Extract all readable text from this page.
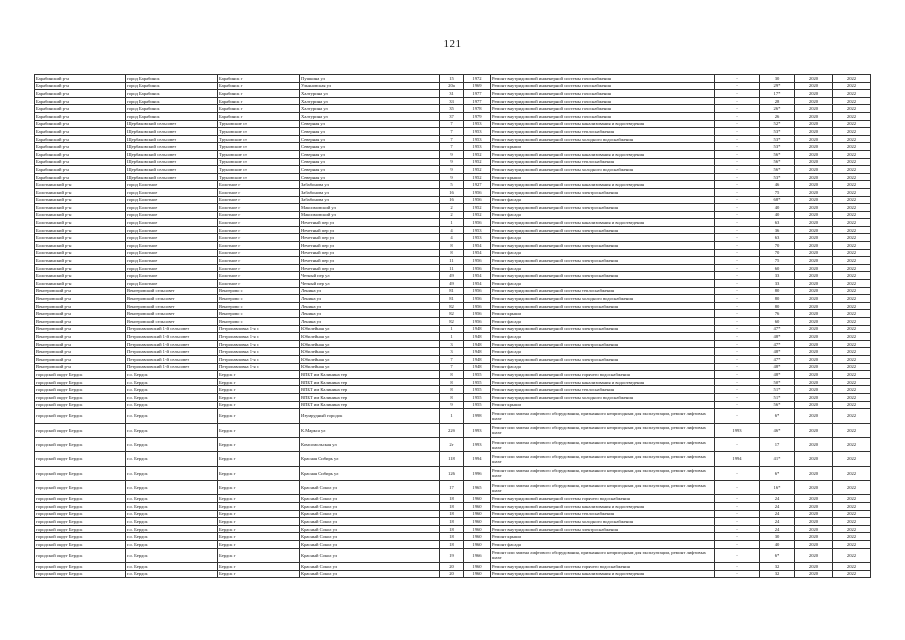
121
Барабинский р-н	город Барабинск	Барабинск г	Пушкина ул	15	1972	Ремонт внутридомовой инженерной системы газоснабжения	-	30	2020	2022
Барабинский р-н	город Барабинск	Барабинск г	Ульяновская ул	20а	1969	Ремонт внутридомовой инженерной системы газоснабжения	-	29*	2020	2022
Барабинский р-н	город Барабинск	Барабинск г	Халтурина ул	31	1977	Ремонт внутридомовой инженерной системы газоснабжения	-	17*	2020	2022
Барабинский р-н	город Барабинск	Барабинск г	Халтурина ул	33	1977	Ремонт внутридомовой инженерной системы газоснабжения	-	28	2020	2022
Барабинский р-н	город Барабинск	Барабинск г	Халтурина ул	35	1978	Ремонт внутридомовой инженерной системы газоснабжения	-	26*	2020	2022
Барабинский р-н	город Барабинск	Барабинск г	Халтурина ул	37	1979	Ремонт внутридомовой инженерной системы газоснабжения	-	26	2020	2022
Барабинский р-н	Щербаковский сельсовет	Труновские ст	Северная ул	7	1953	Ремонт внутридомовой инженерной системы канализования и водоотведения	-	52*	2020	2022
Барабинский р-н	Щербаковский сельсовет	Труновские ст	Северная ул	7	1953	Ремонт внутридомовой инженерной системы теплоснабжения	-	53*	2020	2022
Барабинский р-н	Щербаковский сельсовет	Труновские ст	Северная ул	7	1953	Ремонт внутридомовой инженерной системы холодного водоснабжения	-	53*	2020	2022
Барабинский р-н	Щербаковский сельсовет	Труновские ст	Северная ул	7	1953	Ремонт крыши	-	53*	2020	2022
Барабинский р-н	Щербаковский сельсовет	Труновские ст	Северная ул	9	1952	Ремонт внутридомовой инженерной системы канализования и водоотведения	-	56*	2020	2022
Барабинский р-н	Щербаковский сельсовет	Труновские ст	Северная ул	9	1952	Ремонт внутридомовой инженерной системы теплоснабжения	-	56*	2020	2022
Барабинский р-н	Щербаковский сельсовет	Труновские ст	Северная ул	9	1952	Ремонт внутридомовой инженерной системы холодного водоснабжения	-	56*	2020	2022
Барабинский р-н	Щербаковский сельсовет	Труновские ст	Северная ул	9	1952	Ремонт крыши	-	53*	2020	2022
Болотнинский р-н	город Болотное	Болотное г	Забабонова ул	5	1927	Ремонт внутридомовой инженерной системы канализования и водоотведения	-	46	2020	2022
Болотнинский р-н	город Болотное	Болотное г	Забабонова ул	16	1956	Ремонт внутридомовой инженерной системы электроснабжения	-	75	2020	2022
Болотнинский р-н	город Болотное	Болотное г	Забабонова ул	16	1956	Ремонт фасада	-	68*	2020	2022
Болотнинский р-н	город Болотное	Болотное г	Максимовский ул	2	1952	Ремонт внутридомовой инженерной системы электроснабжения	-	40	2020	2022
Болотнинский р-н	город Болотное	Болотное г	Максимовский ул	2	1952	Ремонт фасада	-	40	2020	2022
Болотнинский р-н	город Болотное	Болотное г	Нечетный пер ул	1	1956	Ремонт внутридомовой инженерной системы канализования и водоотведения	-	63	2020	2022
Болотнинский р-н	город Болотное	Болотное г	Нечетный пер ул	4	1953	Ремонт внутридомовой инженерной системы электроснабжения	-	36	2020	2022
Болотнинский р-н	город Болотное	Болотное г	Нечетный пер ул	4	1953	Ремонт фасада	-	63	2020	2022
Болотнинский р-н	город Болотное	Болотное г	Нечетный пер ул	8	1954	Ремонт внутридомовой инженерной системы электроснабжения	-	70	2020	2022
Болотнинский р-н	город Болотное	Болотное г	Нечетный пер ул	8	1954	Ремонт фасада	-	70	2020	2022
Болотнинский р-н	город Болотное	Болотное г	Нечетный пер ул	11	1956	Ремонт внутридомовой инженерной системы электроснабжения	-	75	2020	2022
Болотнинский р-н	город Болотное	Болотное г	Нечетный пер ул	11	1956	Ремонт фасада	-	60	2020	2022
Болотнинский р-н	город Болотное	Болотное г	Четный пер ул	49	1954	Ремонт внутридомовой инженерной системы электроснабжения	-	33	2020	2022
Болотнинский р-н	город Болотное	Болотное г	Четный пер ул	49	1954	Ремонт фасада	-	33	2020	2022
Венгеровский р-н	Венгеровский сельсовет	Венгерово с	Ленина ул	81	1956	Ремонт внутридомовой инженерной системы теплоснабжения	-	80	2020	2022
Венгеровский р-н	Венгеровский сельсовет	Венгерово с	Ленина ул	81	1956	Ремонт внутридомовой инженерной системы холодного водоснабжения	-	80	2020	2022
Венгеровский р-н	Венгеровский сельсовет	Венгерово с	Ленина ул	82	1956	Ремонт внутридомовой инженерной системы электроснабжения	-	80	2020	2022
Венгеровский р-н	Венгеровский сельсовет	Венгерово с	Ленина ул	82	1956	Ремонт крыши	-	76	2020	2022
Венгеровский р-н	Венгеровский сельсовет	Венгерово с	Ленина ул	82	1956	Ремонт фасада	-	60	2020	2022
Венгеровский р-н	Петропавловский 1-й сельсовет	Петропавловка 1-я с	Юбилейная ул	1	1948	Ремонт внутридомовой инженерной системы электроснабжения	-	47*	2020	2022
Венгеровский р-н	Петропавловский 1-й сельсовет	Петропавловка 1-я с	Юбилейная ул	1	1948	Ремонт фасада	-	48*	2020	2022
Венгеровский р-н	Петропавловский 1-й сельсовет	Петропавловка 1-я с	Юбилейная ул	3	1948	Ремонт внутридомовой инженерной системы электроснабжения	-	47*	2020	2022
Венгеровский р-н	Петропавловский 1-й сельсовет	Петропавловка 1-я с	Юбилейная ул	3	1948	Ремонт фасада	-	48*	2020	2022
Венгеровский р-н	Петропавловский 1-й сельсовет	Петропавловка 1-я с	Юбилейная ул	7	1948	Ремонт внутридомовой инженерной системы электроснабжения	-	47*	2020	2022
Венгеровский р-н	Петропавловский 1-й сельсовет	Петропавловка 1-я с	Юбилейная ул	7	1948	Ремонт фасада	-	48*	2020	2022
городской округ Бердск	г.о. Бердск	Бердск г	ВПБТ им Калинина тер	8	1955	Ремонт внутридомовой инженерной системы горячего водоснабжения	-	48*	2020	2022
городской округ Бердск	г.о. Бердск	Бердск г	ВПБТ им Калинина тер	8	1955	Ремонт внутридомовой инженерной системы канализования и водоотведения	-	50*	2020	2022
городской округ Бердск	г.о. Бердск	Бердск г	ВПБТ им Калинина тер	8	1955	Ремонт внутридомовой инженерной системы теплоснабжения	-	51*	2020	2022
городской округ Бердск	г.о. Бердск	Бердск г	ВПБТ им Калинина тер	8	1955	Ремонт внутридомовой инженерной системы холодного водоснабжения	-	51*	2020	2022
городской округ Бердск	г.о. Бердск	Бердск г	ВПБТ им Калинина тер	9	1955	Ремонт крыши	-	56*	2020	2022
городской округ Бердск	г.о. Бердск	Бердск г	Изумрудный городок	1	1998	Ремонт или замена лифтового оборудования, признанного непригодным для эксплуатации, ремонт лифтовых шахт	-	6*	2020	2022
городской округ Бердск	г.о. Бердск	Бердск г	К.Маркса ул	22б	1993	Ремонт или замена лифтового оборудования, признанного непригодным для эксплуатации, ремонт лифтовых шахт	1993	46*	2020	2022
городской округ Бердск	г.о. Бердск	Бердск г	Комсомольская ул	2г	1993	Ремонт или замена лифтового оборудования, признанного непригодным для эксплуатации, ремонт лифтовых шахт	-	17	2020	2022
городской округ Бердск	г.о. Бердск	Бердск г	Красная Сибирь ул	118	1994	Ремонт или замена лифтового оборудования, признанного непригодным для эксплуатации, ремонт лифтовых шахт	1994	41*	2020	2022
городской округ Бердск	г.о. Бердск	Бердск г	Красная Сибирь ул	126	1996	Ремонт или замена лифтового оборудования, признанного непригодным для эксплуатации, ремонт лифтовых шахт	-	6*	2020	2022
городской округ Бердск	г.о. Бердск	Бердск г	Красный Сокол ул	17	1965	Ремонт или замена лифтового оборудования, признанного непригодным для эксплуатации, ремонт лифтовых шахт	-	16*	2020	2022
городской округ Бердск	г.о. Бердск	Бердск г	Красный Сокол ул	18	1960	Ремонт внутридомовой инженерной системы горячего водоснабжения	-	24	2020	2022
городской округ Бердск	г.о. Бердск	Бердск г	Красный Сокол ул	18	1960	Ремонт внутридомовой инженерной системы канализования и водоотведения	-	24	2020	2022
городской округ Бердск	г.о. Бердск	Бердск г	Красный Сокол ул	18	1960	Ремонт внутридомовой инженерной системы теплоснабжения	-	24	2020	2022
городской округ Бердск	г.о. Бердск	Бердск г	Красный Сокол ул	18	1960	Ремонт внутридомовой инженерной системы холодного водоснабжения	-	24	2020	2022
городской округ Бердск	г.о. Бердск	Бердск г	Красный Сокол ул	18	1960	Ремонт внутридомовой инженерной системы электроснабжения	-	24	2020	2022
городской округ Бердск	г.о. Бердск	Бердск г	Красный Сокол ул	18	1960	Ремонт крыши	-	30	2020	2022
городской округ Бердск	г.о. Бердск	Бердск г	Красный Сокол ул	18	1960	Ремонт фасада	-	40	2020	2022
городской округ Бердск	г.о. Бердск	Бердск г	Красный Сокол ул	19	1966	Ремонт или замена лифтового оборудования, признанного непригодным для эксплуатации, ремонт лифтовых шахт	-	6*	2020	2022
городской округ Бердск	г.о. Бердск	Бердск г	Красный Сокол ул	20	1960	Ремонт внутридомовой инженерной системы горячего водоснабжения	-	32	2020	2022
городской округ Бердск	г.о. Бердск	Бердск г	Красный Сокол ул	20	1960	Ремонт внутридомовой инженерной системы канализования и водоотведения	-	32	2020	2022
